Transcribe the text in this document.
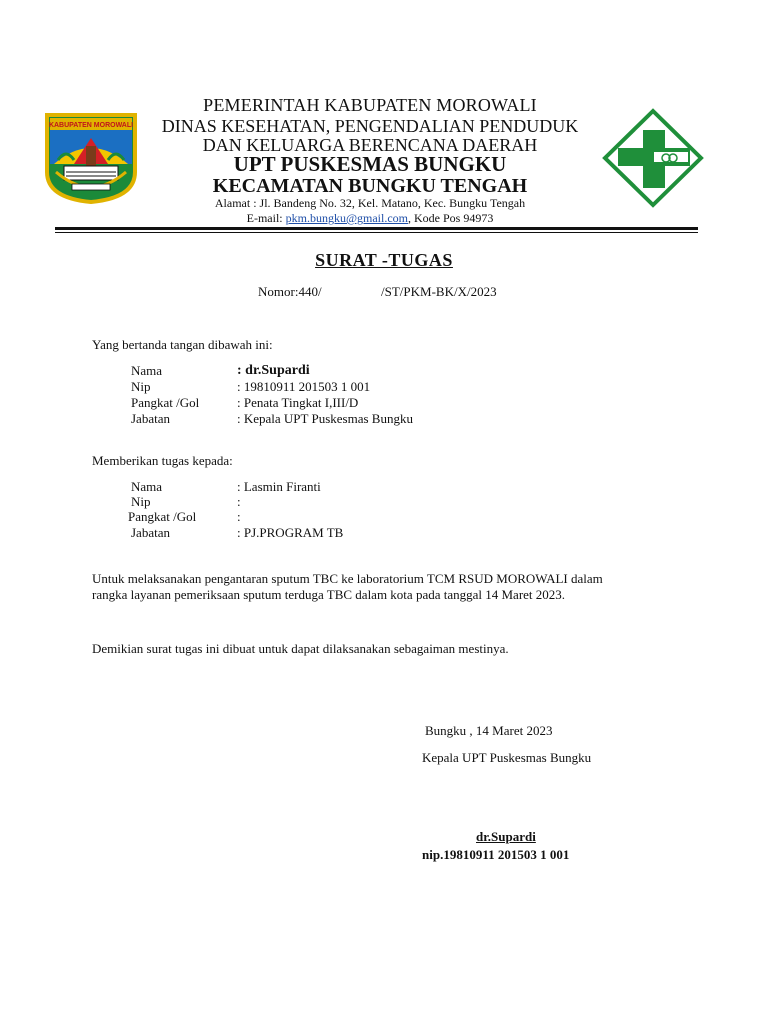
KABUPATEN MOROWALI
PEMERINTAH KABUPATEN MOROWALI
DINAS KESEHATAN, PENGENDALIAN PENDUDUK
DAN KELUARGA BERENCANA DAERAH
UPT PUSKESMAS BUNGKU
KECAMATAN BUNGKU TENGAH
Alamat : Jl. Bandeng No. 32, Kel. Matano, Kec. Bungku Tengah
E-mail: pkm.bungku@gmail.com, Kode Pos 94973
SURAT -TUGAS
Nomor:440/	/ST/PKM-BK/X/2023
Yang bertanda tangan dibawah ini:
Nama	: dr.Supardi
Nip	: 19810911 201503 1 001
Pangkat /Gol	: Penata Tingkat I,III/D
Jabatan	: Kepala UPT Puskesmas Bungku
Memberikan tugas kepada:
Nama	: Lasmin Firanti
Nip	:
Pangkat /Gol	:
Jabatan	: PJ.PROGRAM TB
Untuk melaksanakan pengantaran sputum TBC ke laboratorium TCM RSUD MOROWALI dalam
rangka layanan pemeriksaan sputum terduga TBC dalam kota pada tanggal 14 Maret 2023.
Demikian surat tugas ini dibuat untuk dapat dilaksanakan sebagaiman mestinya.
Bungku , 14 Maret 2023
Kepala UPT Puskesmas Bungku
dr.Supardi
nip.19810911 201503 1 001
